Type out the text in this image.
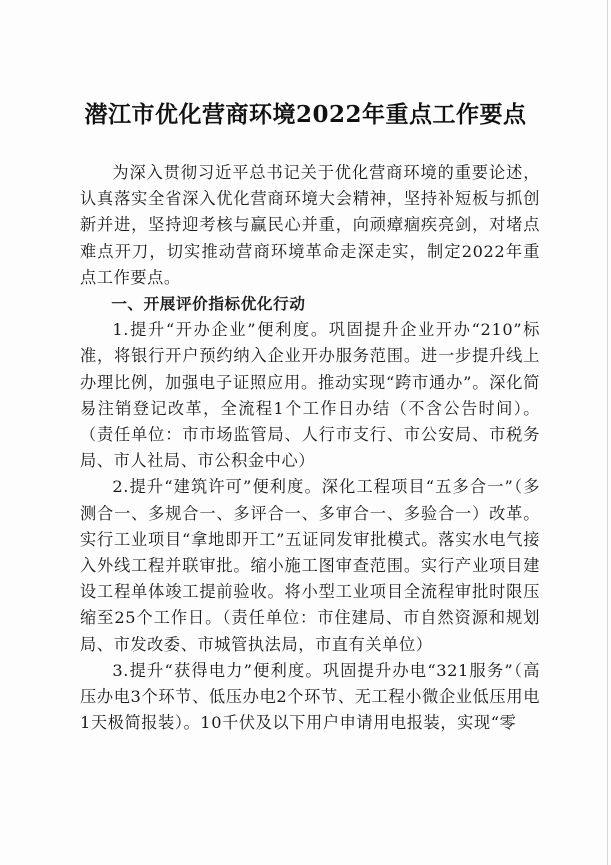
潜江市优化营商环境2022年重点工作要点

为深入贯彻习近平总书记关于优化营商环境的重要论述，认真落实全省深入优化营商环境大会精神，坚持补短板与抓创新并进，坚持迎考核与赢民心并重，向顽瘴痼疾亮剑，对堵点难点开刀，切实推动营商环境革命走深走实，制定2022年重点工作要点。

一、开展评价指标优化行动

1.提升“开办企业”便利度。巩固提升企业开办“210”标准，将银行开户预约纳入企业开办服务范围。进一步提升线上办理比例，加强电子证照应用。推动实现“跨市通办”。深化简易注销登记改革，全流程1个工作日办结（不含公告时间）。（责任单位：市市场监管局、人行市支行、市公安局、市税务局、市人社局、市公积金中心）

2.提升“建筑许可”便利度。深化工程项目“五多合一”（多测合一、多规合一、多评合一、多审合一、多验合一）改革。实行工业项目“拿地即开工”五证同发审批模式。落实水电气接入外线工程并联审批。缩小施工图审查范围。实行产业项目建设工程单体竣工提前验收。将小型工业项目全流程审批时限压缩至25个工作日。（责任单位：市住建局、市自然资源和规划局、市发改委、市城管执法局，市直有关单位）

3.提升“获得电力”便利度。巩固提升办电“321服务”（高压办电3个环节、低压办电2个环节、无工程小微企业低压用电1天极简报装）。10千伏及以下用户申请用电报装，实现“零
